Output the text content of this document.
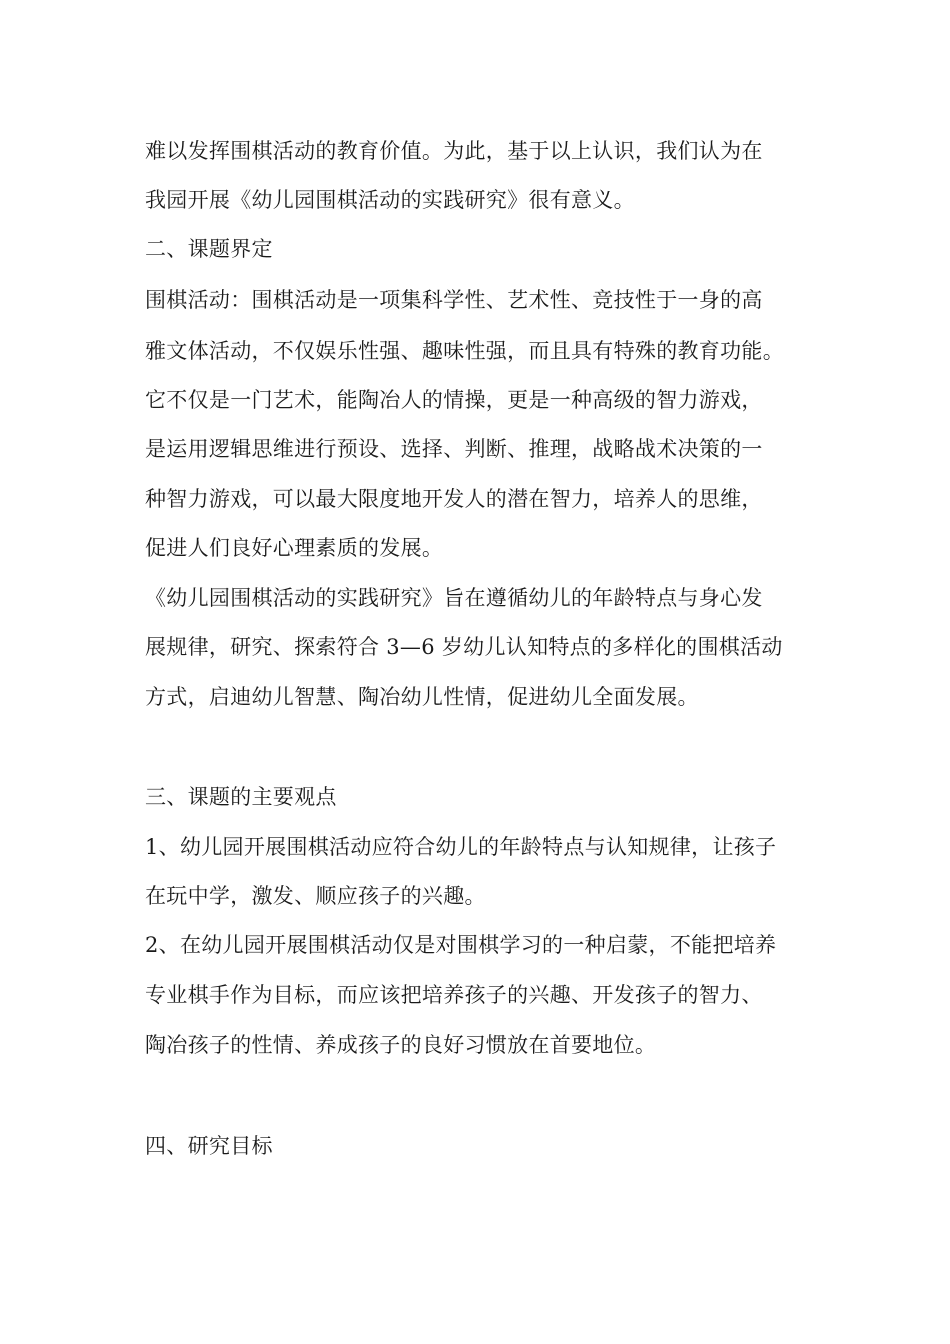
难以发挥围棋活动的教育价值。为此，基于以上认识，我们认为在
我园开展《幼儿园围棋活动的实践研究》很有意义。
二、课题界定
围棋活动：围棋活动是一项集科学性、艺术性、竞技性于一身的高
雅文体活动，不仅娱乐性强、趣味性强，而且具有特殊的教育功能。
它不仅是一门艺术，能陶冶人的情操，更是一种高级的智力游戏，
是运用逻辑思维进行预设、选择、判断、推理，战略战术决策的一
种智力游戏，可以最大限度地开发人的潜在智力，培养人的思维，
促进人们良好心理素质的发展。
《幼儿园围棋活动的实践研究》旨在遵循幼儿的年龄特点与身心发
展规律，研究、探索符合 3—6 岁幼儿认知特点的多样化的围棋活动
方式，启迪幼儿智慧、陶冶幼儿性情，促进幼儿全面发展。
三、课题的主要观点
1、幼儿园开展围棋活动应符合幼儿的年龄特点与认知规律，让孩子
在玩中学，激发、顺应孩子的兴趣。
2、在幼儿园开展围棋活动仅是对围棋学习的一种启蒙，不能把培养
专业棋手作为目标，而应该把培养孩子的兴趣、开发孩子的智力、
陶冶孩子的性情、养成孩子的良好习惯放在首要地位。
四、研究目标
